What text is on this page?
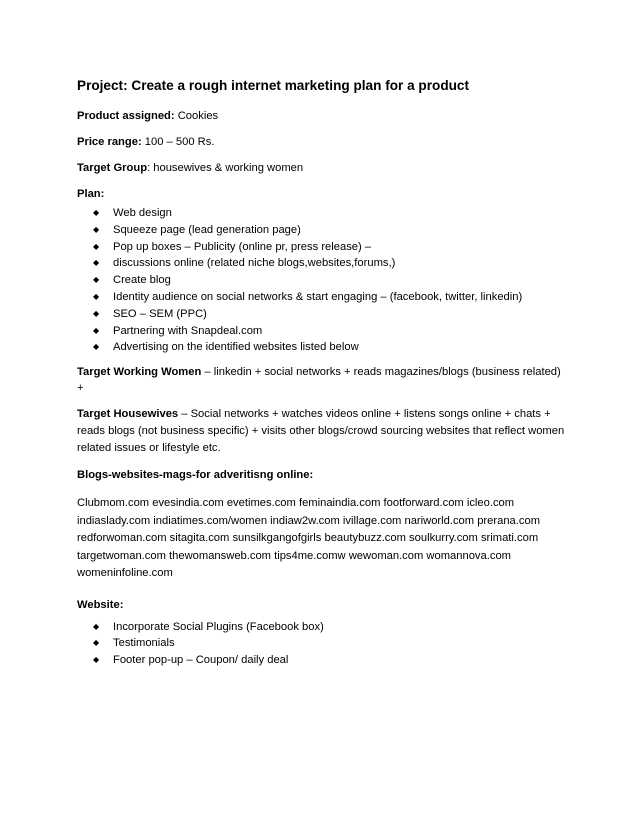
Project: Create a rough internet marketing plan for a product
Product assigned: Cookies
Price range: 100 – 500 Rs.
Target Group: housewives & working women
Plan:
◆ Web design
◆ Squeeze page (lead generation page)
◆ Pop up boxes – Publicity (online pr, press release) –
◆ discussions online (related niche blogs,websites,forums,)
◆ Create blog
◆ Identity audience on social networks & start engaging – (facebook, twitter, linkedin)
◆ SEO – SEM (PPC)
◆ Partnering with Snapdeal.com
◆ Advertising on the identified websites listed below
Target Working Women – linkedin + social networks + reads magazines/blogs (business related) +
Target Housewives – Social networks + watches videos online + listens songs online + chats + reads blogs (not business specific) + visits other blogs/crowd sourcing websites that reflect women related issues or lifestyle etc.
Blogs-websites-mags-for adveritisng online:
Clubmom.com evesindia.com evetimes.com feminaindia.com footforward.com icleo.com
indiaslady.com indiatimes.com/women indiaw2w.com ivillage.com nariworld.com prerana.com
redforwoman.com sitagita.com sunsilkgangofgirls beautybuzz.com soulkurry.com srimati.com
targetwoman.com thewomansweb.com tips4me.comw wewoman.com womannova.com
womeninfoline.com
Website:
◆ Incorporate Social Plugins (Facebook box)
◆ Testimonials
◆ Footer pop-up – Coupon/ daily deal
